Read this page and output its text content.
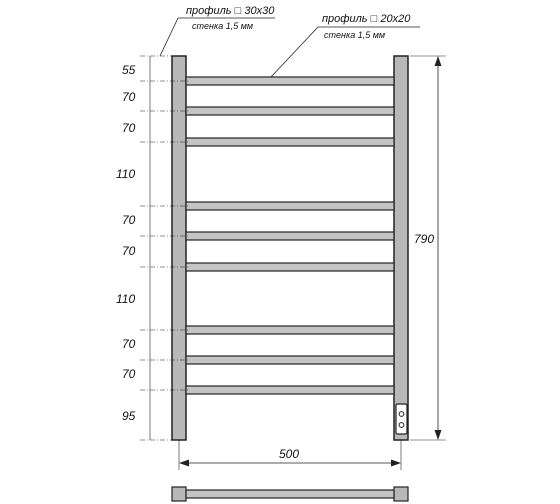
профиль □ 30x30
стенка 1,5 мм
профиль □ 20x20
стенка 1,5 мм
55
70
70
110
70
70
110
70
70
95
790
500
